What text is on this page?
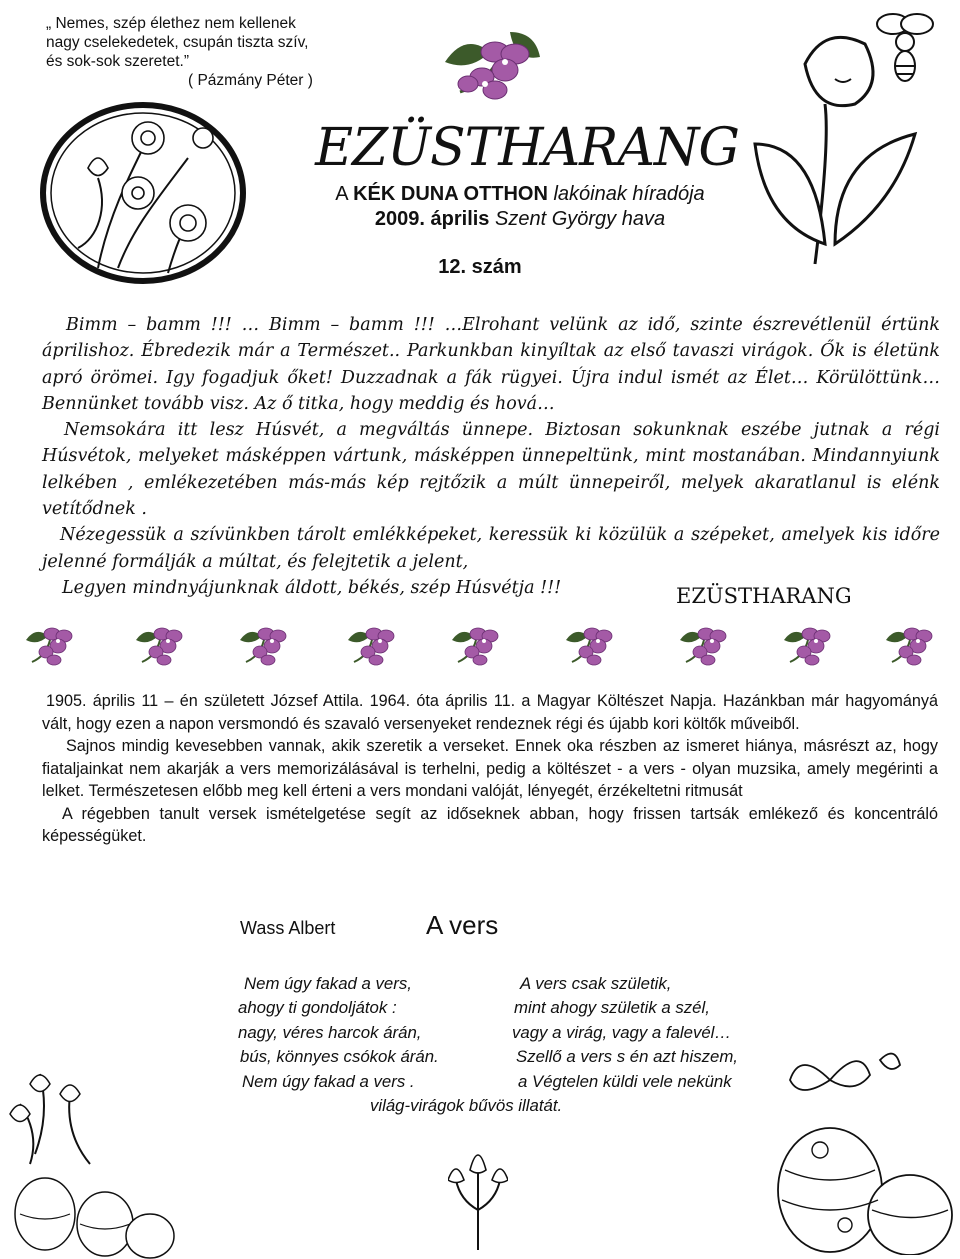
„ Nemes, szép élethez nem kellenek
nagy cselekedetek, csupán tiszta szív,
és sok-sok szeretet.”
( Pázmány Péter )
EZÜSTHARANG
A KÉK DUNA OTTHON lakóinak híradója
2009. április Szent György hava
12. szám

Bimm – bamm !!! … Bimm – bamm !!! …Elrohant velünk az idő, szinte észrevétlenül értünk áprilishoz. Ébredezik már a Természet.. Parkunkban kinyíltak az első tavaszi virágok. Ők is életünk apró örömei. Igy fogadjuk őket! Duzzadnak a fák rügyei. Újra indul ismét az Élet… Körülöttünk… Bennünket tovább visz. Az ő titka, hogy meddig és hová…

Nemsokára itt lesz Húsvét, a megváltás ünnepe. Biztosan sokunknak eszébe jutnak a régi Húsvétok, melyeket másképpen vártunk, másképpen ünnepeltünk, mint mostanában. Mindannyiunk lelkében , emlékezetében más-más kép rejtőzik a múlt ünnepeiről, melyek akaratlanul is elénk vetítődnek .

Nézegessük a szívünkben tárolt emlékképeket, keressük ki közülük a szépeket, amelyek kis időre jelenné formálják a múltat, és felejtetik a jelent,

Legyen mindnyájunknak áldott, békés, szép Húsvétja !!!	EZÜSTHARANG

1905. április 11 – én született József Attila. 1964. óta április 11. a Magyar Költészet Napja. Hazánkban már hagyományá vált, hogy ezen a napon versmondó és szavaló versenyeket rendeznek régi és újabb kori költők műveiből.

Sajnos mindig kevesebben vannak, akik szeretik a verseket. Ennek oka részben az ismeret hiánya, másrészt az, hogy fiataljainkat nem akarják a vers memorizálásával is terhelni, pedig a költészet - a vers - olyan muzsika, amely megérinti a lelket. Természetesen előbb meg kell érteni a vers mondani valóját, lényegét, érzékeltetni ritmusát

A régebben tanult versek ismételgetése segít az időseknek abban, hogy frissen tartsák emlékező és koncentráló képességüket.

Wass Albert	A vers
Nem úgy fakad a vers,
ahogy ti gondoljátok :
nagy, véres harcok árán,
bús, könnyes csókok árán.
Nem úgy fakad a vers .
A vers csak születik,
mint ahogy születik a szél,
vagy a virág, vagy a falevél…
Szellő a vers s én azt hiszem,
a Végtelen küldi vele nekünk
világ-virágok bűvös illatát.
